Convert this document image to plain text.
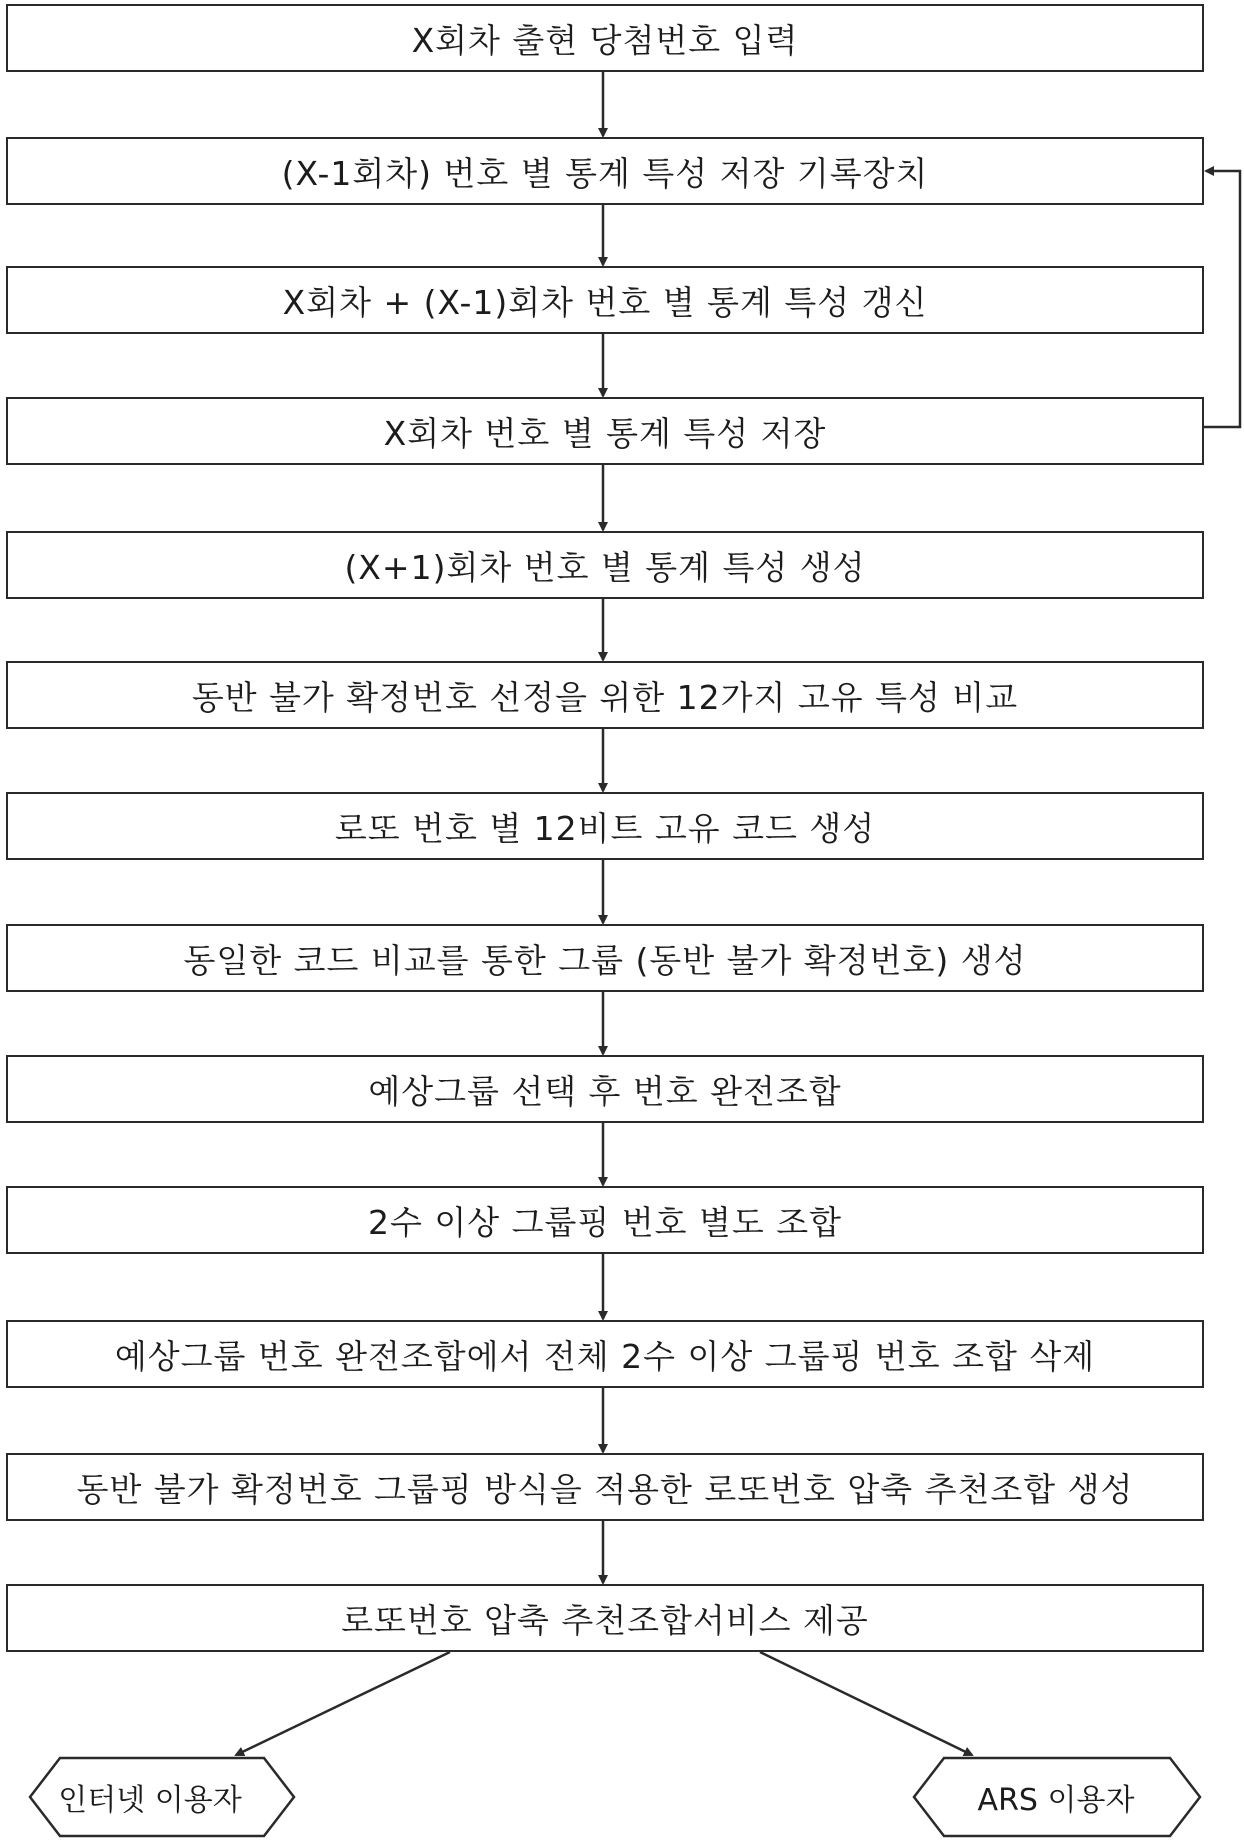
X회차 출현 당첨번호 입력
(X-1회차) 번호 별 통계 특성 저장 기록장치
X회차 + (X-1)회차 번호 별 통계 특성 갱신
X회차 번호 별 통계 특성 저장
(X+1)회차 번호 별 통계 특성 생성
동반 불가 확정번호 선정을 위한 12가지 고유 특성 비교
로또 번호 별 12비트 고유 코드 생성
동일한 코드 비교를 통한 그룹 (동반 불가 확정번호) 생성
예상그룹 선택 후 번호 완전조합
2수 이상 그룹핑 번호 별도 조합
예상그룹 번호 완전조합에서 전체 2수 이상 그룹핑 번호 조합 삭제
동반 불가 확정번호 그룹핑 방식을 적용한 로또번호 압축 추천조합 생성
로또번호 압축 추천조합서비스 제공
인터넷 이용자	ARS 이용자
